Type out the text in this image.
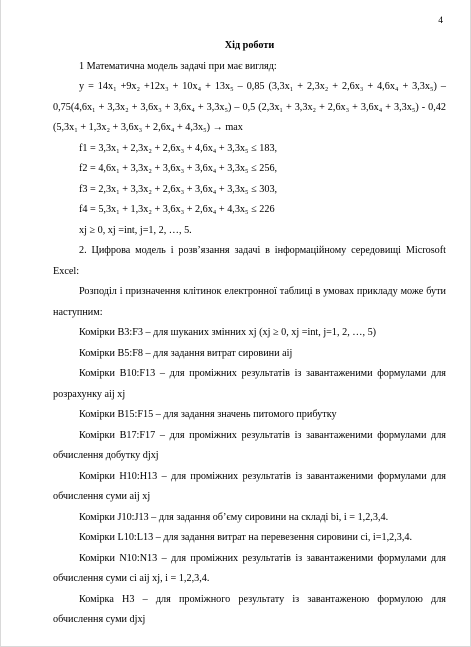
4

Хід роботи

1 Математична модель задачі при має вигляд:

y = 14x₁ +9x₂ +12x₃ + 10x₄ + 13x₅ – 0,85 (3,3x₁ + 2,3x₂ + 2,6x₃ + 4,6x₄ + 3,3x₅) – 0,75(4,6x₁ + 3,3x₂ + 3,6x₃ + 3,6x₄ + 3,3x₅) – 0,5 (2,3x₁ + 3,3x₂ + 2,6x₃ + 3,6x₄ + 3,3x₅) - 0,42 (5,3x₁ + 1,3x₂ + 3,6x₃ + 2,6x₄ + 4,3x₅) → max

f1 = 3,3x₁ + 2,3x₂ + 2,6x₃ + 4,6x₄ + 3,3x₅ ≤ 183,

f2 = 4,6x₁ + 3,3x₂ + 3,6x₃ + 3,6x₄ + 3,3x₅ ≤ 256,

f3 = 2,3x₁ + 3,3x₂ + 2,6x₃ + 3,6x₄ + 3,3x₅ ≤ 303,

f4 = 5,3x₁ + 1,3x₂ + 3,6x₃ + 2,6x₄ + 4,3x₅ ≤ 226

xj ≥ 0, xj =int, j=1, 2, …, 5.

2. Цифрова модель і розв’язання задачі в інформаційному середовищі Microsoft Excel:

Розподіл і призначення клітинок електронної таблиці в умовах прикладу може бути наступним:

Комірки B3:F3 – для шуканих змінних xj (xj ≥ 0, xj =int, j=1, 2, …, 5)

Комірки B5:F8 – для задання витрат сировини aij

Комірки B10:F13 – для проміжних результатів із завантаженими формулами для розрахунку aij xj

Комірки B15:F15 – для задання значень питомого прибутку

Комірки B17:F17 – для проміжних результатів із завантаженими формулами для обчислення добутку djxj

Комірки H10:H13 – для проміжних результатів із завантаженими формулами для обчислення суми aij xj

Комірки J10:J13 – для задання об’єму сировини на складі bi, i = 1,2,3,4.

Комірки L10:L13 – для задання витрат на перевезення сировини ci, i=1,2,3,4.

Комірки N10:N13 – для проміжних результатів із завантаженими формулами для обчислення суми ci aij xj, i = 1,2,3,4.

Комірка H3 – для проміжного результату із завантаженою формулою для обчислення суми djxj
